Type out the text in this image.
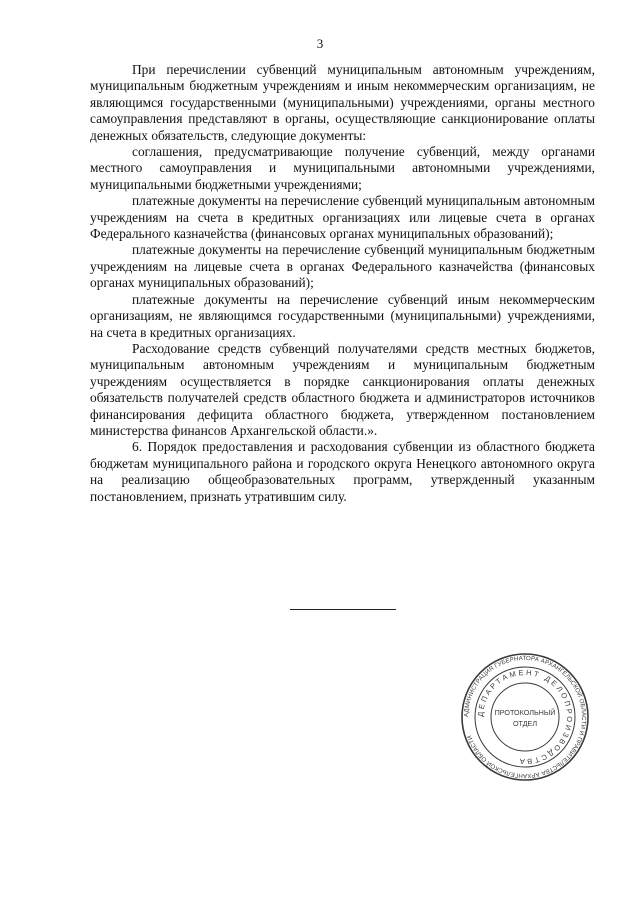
3

При перечислении субвенций муниципальным автономным учреждениям, муниципальным бюджетным учреждениям и иным некоммерческим организациям, не являющимся государственными (муниципальными) учреждениями, органы местного самоуправления представляют в органы, осуществляющие санкционирование оплаты денежных обязательств, следующие документы:

соглашения, предусматривающие получение субвенций, между органами местного самоуправления и муниципальными автономными учреждениями, муниципальными бюджетными учреждениями;

платежные документы на перечисление субвенций муниципальным автономным учреждениям на счета в кредитных организациях или лицевые счета в органах Федерального казначейства (финансовых органах муниципальных образований);

платежные документы на перечисление субвенций муниципальным бюджетным учреждениям на лицевые счета в органах Федерального казначейства (финансовых органах муниципальных образований);

платежные документы на перечисление субвенций иным некоммерческим организациям, не являющимся государственными (муниципальными) учреждениями, на счета в кредитных организациях.

Расходование средств субвенций получателями средств местных бюджетов, муниципальным автономным учреждениям и муниципальным бюджетным учреждениям осуществляется в порядке санкционирования оплаты денежных обязательств получателей средств областного бюджета и администраторов источников финансирования дефицита областного бюджета, утвержденном постановлением министерства финансов Архангельской области.».

6. Порядок предоставления и расходования субвенции из областного бюджета бюджетам муниципального района и городского округа Ненецкого автономного округа на реализацию общеобразовательных программ, утвержденный указанным постановлением, признать утратившим силу.

АДМИНИСТРАЦИЯ ГУБЕРНАТОРА АРХАНГЕЛЬСКОЙ ОБЛАСТИ И ПРАВИТЕЛЬСТВА АРХАНГЕЛЬСКОЙ ОБЛАСТИ
ДЕПАРТАМЕНТ ДЕЛОПРОИЗВОДСТВА
ПРОТОКОЛЬНЫЙ
ОТДЕЛ
